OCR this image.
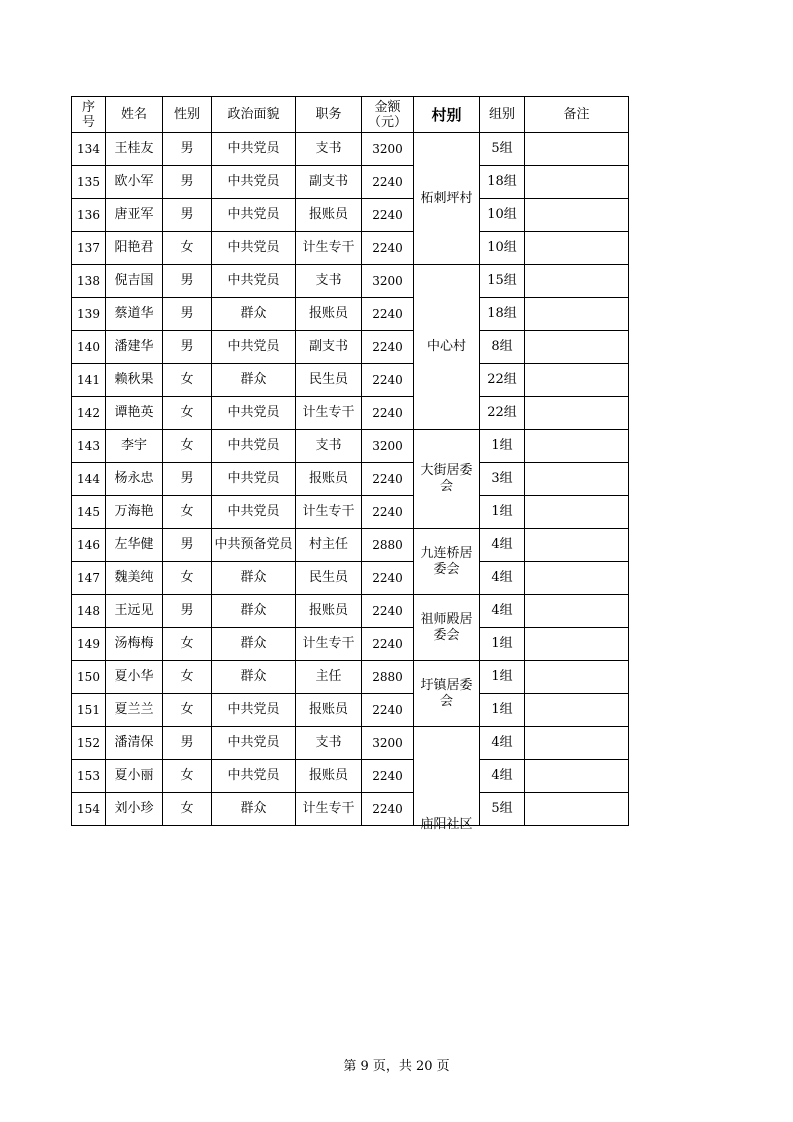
序号	姓名	性别	政治面貌	职务	金额（元）	村别	组别	备注
134	王桂友	男	中共党员	支书	3200	柘刺坪村	5组	
135	欧小军	男	中共党员	副支书	2240		18组	
136	唐亚军	男	中共党员	报账员	2240		10组	
137	阳艳君	女	中共党员	计生专干	2240		10组	
138	倪吉国	男	中共党员	支书	3200	中心村	15组	
139	蔡道华	男	群众	报账员	2240		18组	
140	潘建华	男	中共党员	副支书	2240		8组	
141	赖秋果	女	群众	民生员	2240		22组	
142	谭艳英	女	中共党员	计生专干	2240		22组	
143	李宇	女	中共党员	支书	3200	大街居委会	1组	
144	杨永忠	男	中共党员	报账员	2240		3组	
145	万海艳	女	中共党员	计生专干	2240		1组	
146	左华健	男	中共预备党员	村主任	2880	九连桥居委会	4组	
147	魏美纯	女	群众	民生员	2240		4组	
148	王远见	男	群众	报账员	2240	祖师殿居委会	4组	
149	汤梅梅	女	群众	计生专干	2240		1组	
150	夏小华	女	群众	主任	2880	圩镇居委会	1组	
151	夏兰兰	女	中共党员	报账员	2240		1组	
152	潘清保	男	中共党员	支书	3200	庙阳社区	4组	
153	夏小丽	女	中共党员	报账员	2240		4组	
154	刘小珍	女	群众	计生专干	2240		5组	
第 9 页，共 20 页
